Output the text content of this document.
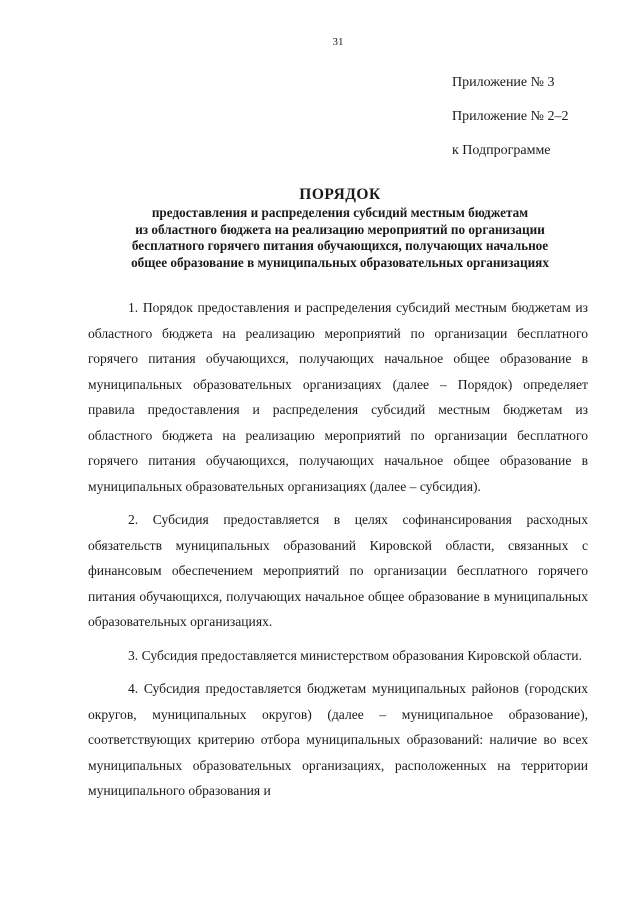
31
Приложение № 3
Приложение № 2–2
к Подпрограмме
ПОРЯДОК
предоставления и распределения субсидий местным бюджетам
из областного бюджета на реализацию мероприятий по организации
бесплатного горячего питания обучающихся, получающих начальное
общее образование в муниципальных образовательных организациях

1. Порядок предоставления и распределения субсидий местным бюджетам из областного бюджета на реализацию мероприятий по организации бесплатного горячего питания обучающихся, получающих начальное общее образование в муниципальных образовательных организациях (далее – Порядок) определяет правила предоставления и распределения субсидий местным бюджетам из областного бюджета на реализацию мероприятий по организации бесплатного горячего питания обучающихся, получающих начальное общее образование в муниципальных образовательных организациях (далее – субсидия).

2. Субсидия предоставляется в целях софинансирования расходных обязательств муниципальных образований Кировской области, связанных с финансовым обеспечением мероприятий по организации бесплатного горячего питания обучающихся, получающих начальное общее образование в муниципальных образовательных организациях.

3. Субсидия предоставляется министерством образования Кировской области.

4. Субсидия предоставляется бюджетам муниципальных районов (городских округов, муниципальных округов) (далее – муниципальное образование), соответствующих критерию отбора муниципальных образований: наличие во всех муниципальных образовательных организациях, расположенных на территории муниципального образования и
